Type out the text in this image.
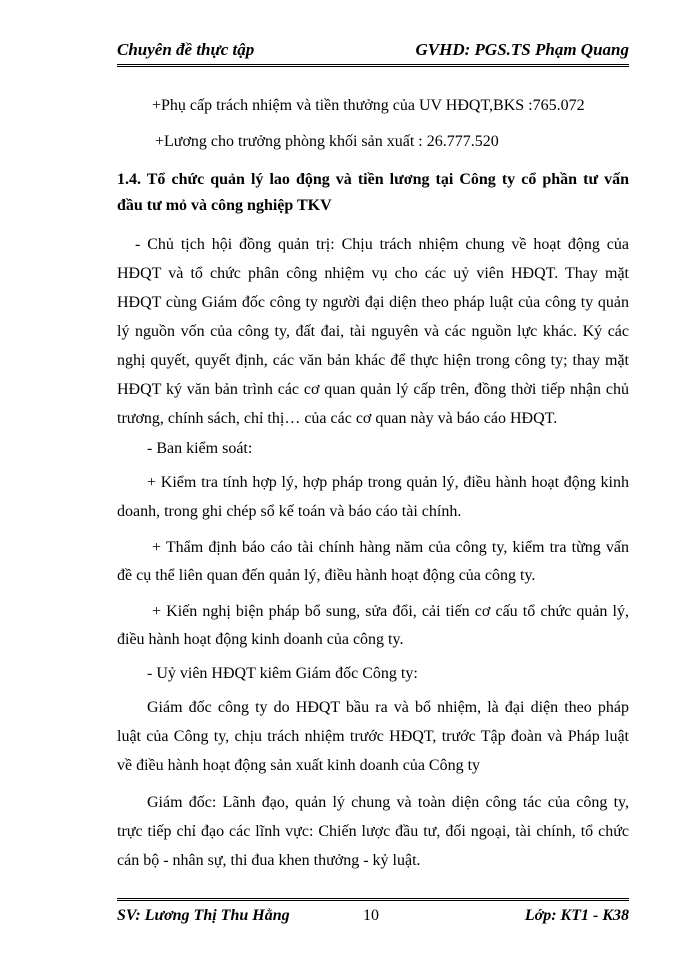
Chuyên đề thực tập	GVHD: PGS.TS Phạm Quang
+Phụ cấp trách nhiệm và tiền thưởng của UV HĐQT,BKS :765.072
+Lương cho trưởng phòng khối sản xuất : 26.777.520
1.4. Tổ chức quản lý lao động và tiền lương tại Công ty cổ phần tư vấn
đầu tư mỏ và công nghiệp TKV
- Chủ tịch hội đồng quản trị: Chịu trách nhiệm chung về hoạt động của
HĐQT và tổ chức phân công nhiệm vụ cho các uỷ viên HĐQT. Thay mặt
HĐQT cùng Giám đốc công ty người đại diện theo pháp luật của công ty quản
lý nguồn vốn của công ty, đất đai, tài nguyên và các nguồn lực khác. Ký các
nghị quyết, quyết định, các văn bản khác để thực hiện trong công ty; thay mặt
HĐQT ký văn bản trình các cơ quan quản lý cấp trên, đồng thời tiếp nhận chủ
trương, chính sách, chỉ thị… của các cơ quan này và báo cáo HĐQT.
- Ban kiểm soát:
+ Kiểm tra tính hợp lý, hợp pháp trong quản lý, điều hành hoạt động kinh
doanh, trong ghi chép sổ kế toán và báo cáo tài chính.
+ Thẩm định báo cáo tài chính hàng năm của công ty, kiểm tra từng vấn
đề cụ thể liên quan đến quản lý, điều hành hoạt động của công ty.
+ Kiến nghị biện pháp bổ sung, sửa đổi, cải tiến cơ cấu tổ chức quản lý,
điều hành hoạt động kinh doanh của công ty.
- Uỷ viên HĐQT kiêm Giám đốc Công ty:
Giám đốc công ty do HĐQT bầu ra và bổ nhiệm, là đại diện theo pháp
luật của Công ty, chịu trách nhiệm trước HĐQT, trước Tập đoàn và Pháp luật
về điều hành hoạt động sản xuất kinh doanh của Công ty
Giám đốc: Lãnh đạo, quản lý chung và toàn diện công tác của công ty,
trực tiếp chỉ đạo các lĩnh vực: Chiến lược đầu tư, đối ngoại, tài chính, tổ chức
cán bộ - nhân sự, thi đua khen thưởng - kỷ luật.
SV: Lương Thị Thu Hằng	10	Lớp: KT1 - K38
